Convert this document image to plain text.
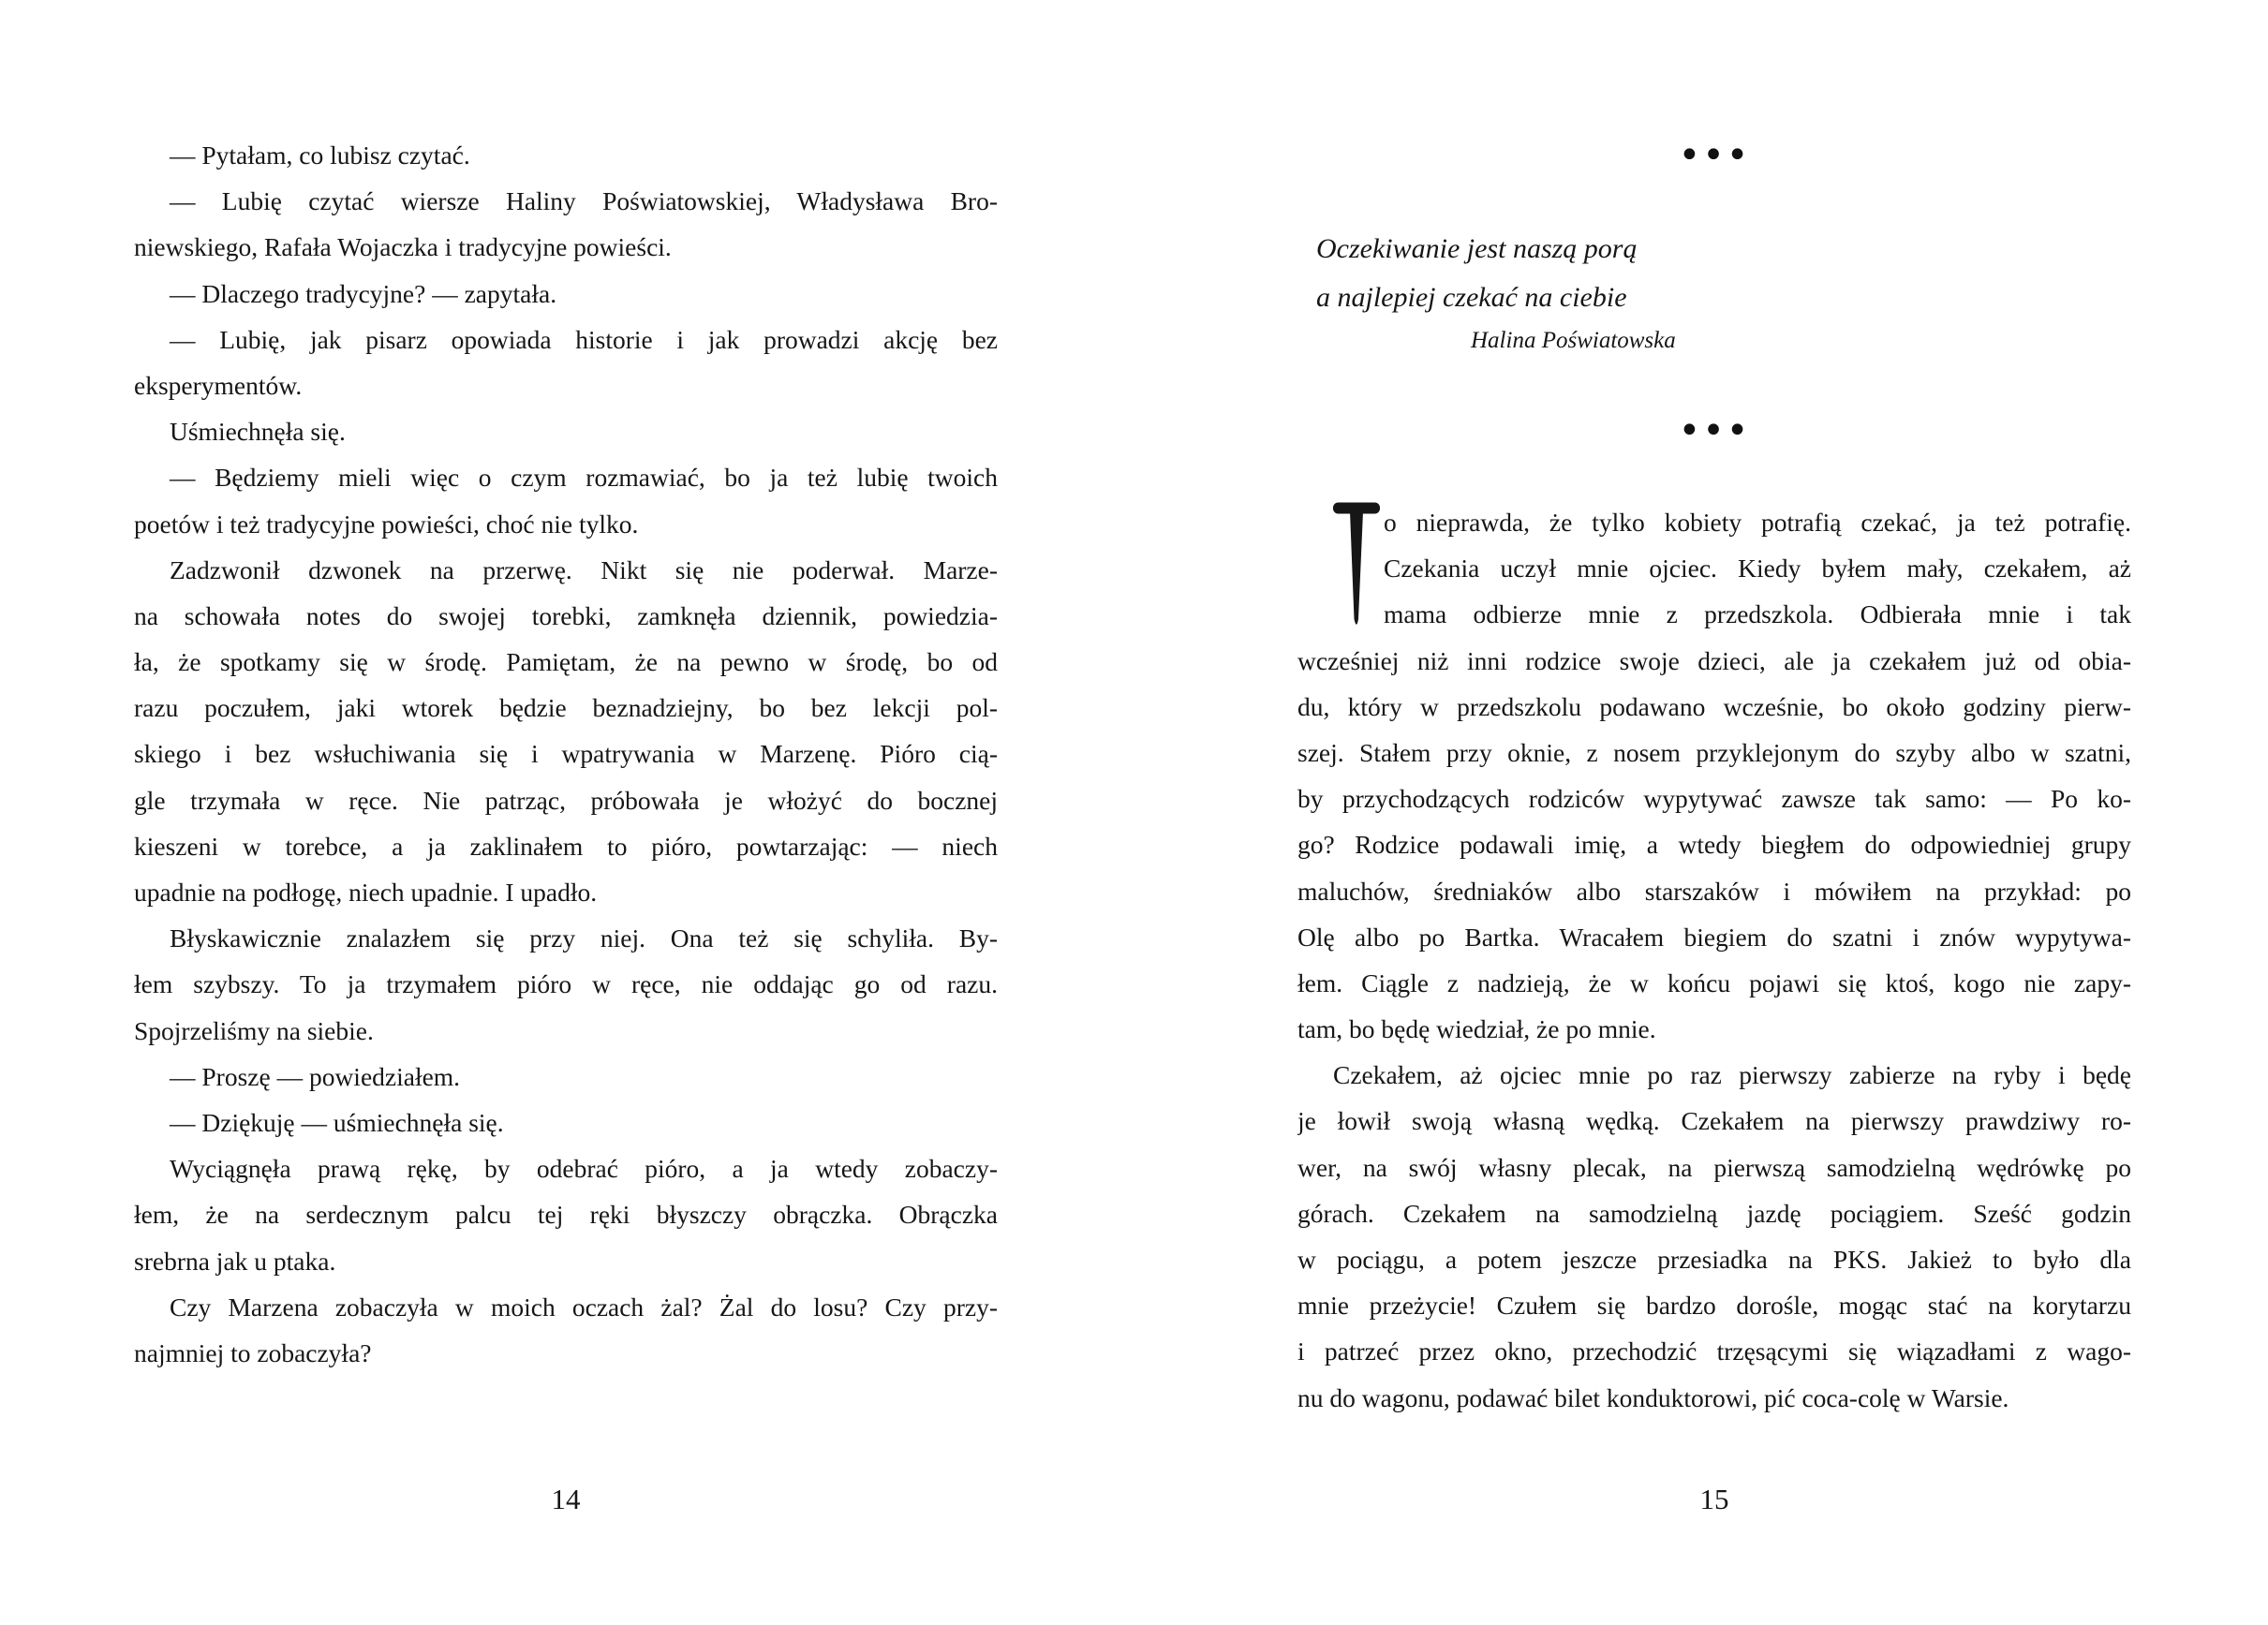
— Pytałam, co lubisz czytać.
— Lubię czytać wiersze Haliny Poświatowskiej, Władysława Bro-
niewskiego, Rafała Wojaczka i tradycyjne powieści.
— Dlaczego tradycyjne? — zapytała.
— Lubię, jak pisarz opowiada historie i jak prowadzi akcję bez
eksperymentów.
Uśmiechnęła się.
— Będziemy mieli więc o czym rozmawiać, bo ja też lubię twoich
poetów i też tradycyjne powieści, choć nie tylko.
Zadzwonił dzwonek na przerwę. Nikt się nie poderwał. Marze-
na schowała notes do swojej torebki, zamknęła dziennik, powiedzia-
ła, że spotkamy się w środę. Pamiętam, że na pewno w środę, bo od
razu poczułem, jaki wtorek będzie beznadziejny, bo bez lekcji pol-
skiego i bez wsłuchiwania się i wpatrywania w Marzenę. Pióro cią-
gle trzymała w ręce. Nie patrząc, próbowała je włożyć do bocznej
kieszeni w torebce, a ja zaklinałem to pióro, powtarzając: — niech
upadnie na podłogę, niech upadnie. I upadło.
Błyskawicznie znalazłem się przy niej. Ona też się schyliła. By-
łem szybszy. To ja trzymałem pióro w ręce, nie oddając go od razu.
Spojrzeliśmy na siebie.
— Proszę — powiedziałem.
— Dziękuję — uśmiechnęła się.
Wyciągnęła prawą rękę, by odebrać pióro, a ja wtedy zobaczy-
łem, że na serdecznym palcu tej ręki błyszczy obrączka. Obrączka
srebrna jak u ptaka.
Czy Marzena zobaczyła w moich oczach żal? Żal do losu? Czy przy-
najmniej to zobaczyła?
14
•••
Oczekiwanie jest naszą porą
a najlepiej czekać na ciebie
Halina Poświatowska
•••
o nieprawda, że tylko kobiety potrafią czekać, ja też potrafię.
Czekania uczył mnie ojciec. Kiedy byłem mały, czekałem, aż
mama odbierze mnie z przedszkola. Odbierała mnie i tak
wcześniej niż inni rodzice swoje dzieci, ale ja czekałem już od obia-
du, który w przedszkolu podawano wcześnie, bo około godziny pierw-
szej. Stałem przy oknie, z nosem przyklejonym do szyby albo w szatni,
by przychodzących rodziców wypytywać zawsze tak samo: — Po ko-
go? Rodzice podawali imię, a wtedy biegłem do odpowiedniej grupy
maluchów, średniaków albo starszaków i mówiłem na przykład: po
Olę albo po Bartka. Wracałem biegiem do szatni i znów wypytywa-
łem. Ciągle z nadzieją, że w końcu pojawi się ktoś, kogo nie zapy-
tam, bo będę wiedział, że po mnie.
Czekałem, aż ojciec mnie po raz pierwszy zabierze na ryby i będę
je łowił swoją własną wędką. Czekałem na pierwszy prawdziwy ro-
wer, na swój własny plecak, na pierwszą samodzielną wędrówkę po
górach. Czekałem na samodzielną jazdę pociągiem. Sześć godzin
w pociągu, a potem jeszcze przesiadka na PKS. Jakież to było dla
mnie przeżycie! Czułem się bardzo dorośle, mogąc stać na korytarzu
i patrzeć przez okno, przechodzić trzęsącymi się wiązadłami z wago-
nu do wagonu, podawać bilet konduktorowi, pić coca-colę w Warsie.
15
